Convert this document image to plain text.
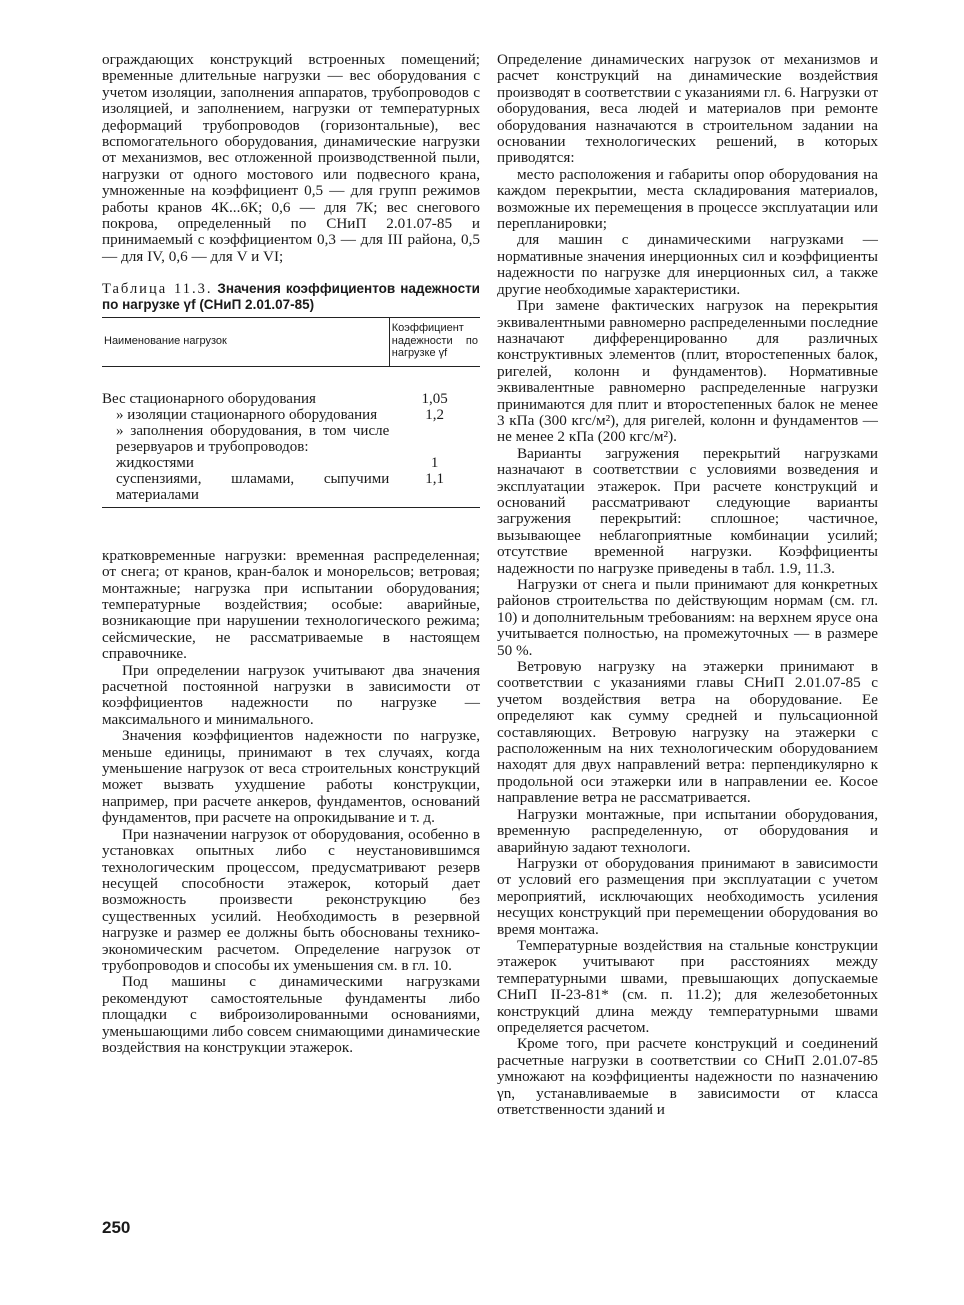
ограждающих конструкций встроенных помещений; временные длительные нагрузки — вес оборудования с учетом изоляции, заполнения аппаратов, трубопроводов с изоляцией, и заполнением, нагрузки от температурных деформаций трубопроводов (горизонтальные), вес вспомогательного оборудования, динамические нагрузки от механизмов, вес отложенной производственной пыли, нагрузки от одного мостового или подвесного крана, умноженные на коэффициент 0,5 — для групп режимов работы кранов 4К...6К; 0,6 — для 7К; вес снегового покрова, определенный по СНиП 2.01.07-85 и принимаемый с коэффициентом 0,3 — для III района, 0,5 — для IV, 0,6 — для V и VI;

Таблица 11.3. Значения коэффициентов надежности по нагрузке γf (СНиП 2.01.07-85)
Наименование нагрузок	Коэффициент надежности по нагрузке γf

Вес стационарного оборудования	1,05
» изоляции стационарного оборудования	1,2
» заполнения оборудования, в том числе резервуаров и трубопроводов:	
жидкостями	1
суспензиями, шламами, сыпучими материалами	1,1

кратковременные нагрузки: временная распределенная; от снега; от кранов, кран-балок и монорельсов; ветровая; монтажные; нагрузка при испытании оборудования; температурные воздействия; особые: аварийные, возникающие при нарушении технологического режима; сейсмические, не рассматриваемые в настоящем справочнике.

При определении нагрузок учитывают два значения расчетной постоянной нагрузки в зависимости от коэффициентов надежности по нагрузке — максимального и минимального.

Значения коэффициентов надежности по нагрузке, меньше единицы, принимают в тех случаях, когда уменьшение нагрузок от веса строительных конструкций может вызвать ухудшение работы конструкции, например, при расчете анкеров, фундаментов, оснований фундаментов, при расчете на опрокидывание и т. д.

При назначении нагрузок от оборудования, особенно в установках опытных либо с неустановившимся технологическим процессом, предусматривают резерв несущей способности этажерок, который дает возможность произвести реконструкцию без существенных усилий. Необходимость в резервной нагрузке и размер ее должны быть обоснованы технико-экономическим расчетом. Определение нагрузок от трубопроводов и способы их уменьшения см. в гл. 10.

Под машины с динамическими нагрузками рекомендуют самостоятельные фундаменты либо площадки с виброизолированными основаниями, уменьшающими либо совсем снимающими динамические воздействия на конструкции этажерок.

Определение динамических нагрузок от механизмов и расчет конструкций на динамические воздействия производят в соответствии с указаниями гл. 6. Нагрузки от оборудования, веса людей и материалов при ремонте оборудования назначаются в строительном задании на основании технологических решений, в которых приводятся:

место расположения и габариты опор оборудования на каждом перекрытии, места складирования материалов, возможные их перемещения в процессе эксплуатации или перепланировки;

для машин с динамическими нагрузками — нормативные значения инерционных сил и коэффициенты надежности по нагрузке для инерционных сил, а также другие необходимые характеристики.

При замене фактических нагрузок на перекрытия эквивалентными равномерно распределенными последние назначают дифференцированно для различных конструктивных элементов (плит, второстепенных балок, ригелей, колонн и фундаментов). Нормативные эквивалентные равномерно распределенные нагрузки принимаются для плит и второстепенных балок не менее 3 кПа (300 кгс/м²), для ригелей, колонн и фундаментов — не менее 2 кПа (200 кгс/м²).

Варианты загружения перекрытий нагрузками назначают в соответствии с условиями возведения и эксплуатации этажерок. При расчете конструкций и оснований рассматривают следующие варианты загружения перекрытий: сплошное; частичное, вызывающее неблагоприятные комбинации усилий; отсутствие временной нагрузки. Коэффициенты надежности по нагрузке приведены в табл. 1.9, 11.3.

Нагрузки от снега и пыли принимают для конкретных районов строительства по действующим нормам (см. гл. 10) и дополнительным требованиям: на верхнем ярусе она учитывается полностью, на промежуточных — в размере 50 %.

Ветровую нагрузку на этажерки принимают в соответствии с указаниями главы СНиП 2.01.07-85 с учетом воздействия ветра на оборудование. Ее определяют как сумму средней и пульсационной составляющих. Ветровую нагрузку на этажерки с расположенным на них технологическим оборудованием находят для двух направлений ветра: перпендикулярно к продольной оси этажерки или в направлении ее. Косое направление ветра не рассматривается.

Нагрузки монтажные, при испытании оборудования, временную распределенную, от оборудования и аварийную задают технологи.

Нагрузки от оборудования принимают в зависимости от условий его размещения при эксплуатации с учетом мероприятий, исключающих необходимость усиления несущих конструкций при перемещении оборудования во время монтажа.

Температурные воздействия на стальные конструкции этажерок учитывают при расстояниях между температурными швами, превышающих допускаемые СНиП II-23-81* (см. п. 11.2); для железобетонных конструкций длина между температурными швами определяется расчетом.

Кроме того, при расчете конструкций и соединений расчетные нагрузки в соответствии со СНиП 2.01.07-85 умножают на коэффициенты надежности по назначению γn, устанавливаемые в зависимости от класса ответственности зданий и

250
